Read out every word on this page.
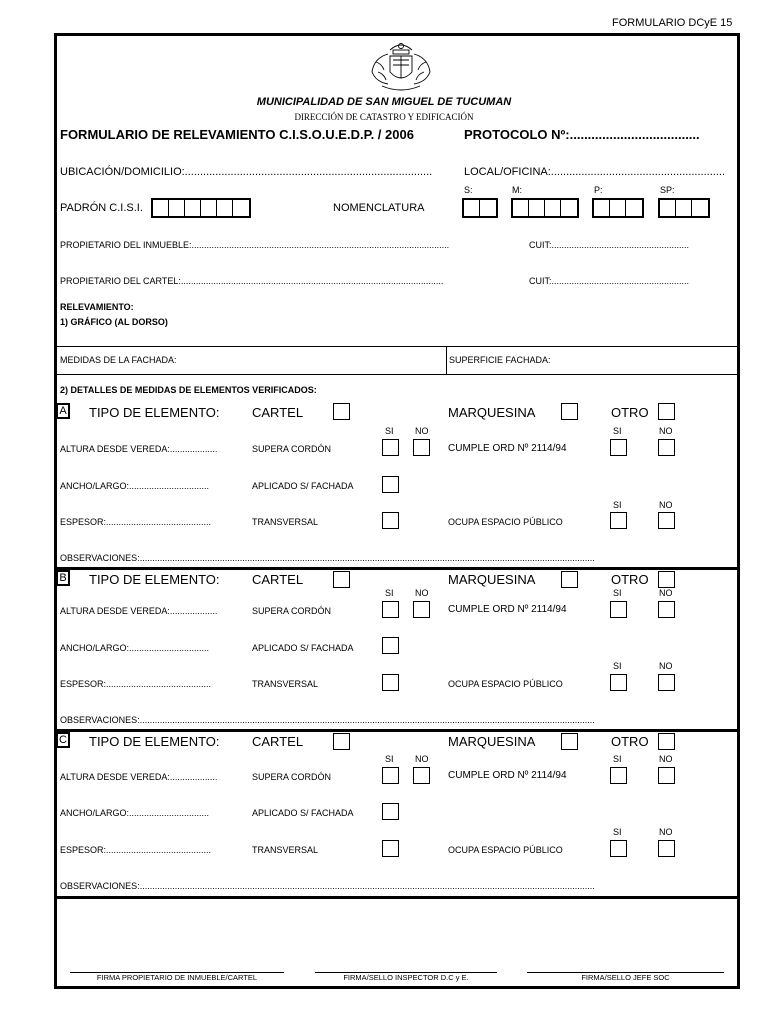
FORMULARIO DCyE 15
MUNICIPALIDAD DE SAN MIGUEL DE TUCUMAN
DIRECCIÓN DE CATASTRO Y EDIFICACIÓN
FORMULARIO DE RELEVAMIENTO C.I.S.O.U.E.D.P. / 2006	PROTOCOLO Nº:....................................
UBICACIÓN/DOMICILIO:.................................................................................	LOCAL/OFICINA:.........................................................
S:	M:	P:	SP:
PADRÓN C.I.S.I.	NOMENCLATURA
PROPIETARIO DEL INMUEBLE:.......................................................................................................	CUIT:.......................................................
PROPIETARIO DEL CARTEL:.........................................................................................................	CUIT:.......................................................
RELEVAMIENTO:
1) GRÁFICO (AL DORSO)
MEDIDAS DE LA FACHADA:	SUPERFICIE FACHADA:
2) DETALLES DE MEDIDAS DE ELEMENTOS VERIFICADOS:
A TIPO DE ELEMENTO: CARTEL	MARQUESINA	OTRO
SI NO	SI	NO
ALTURA DESDE VEREDA:...................	SUPERA CORDÓN	CUMPLE ORD Nº 2114/94
ANCHO/LARGO:................................	APLICADO S/ FACHADA
SI	NO
ESPESOR:..........................................	TRANSVERSAL	OCUPA ESPACIO PÚBLICO
OBSERVACIONES:......................................................................................................................................................................................
B TIPO DE ELEMENTO: CARTEL	MARQUESINA	OTRO
SI NO	SI	NO
ALTURA DESDE VEREDA:...................	SUPERA CORDÓN	CUMPLE ORD Nº 2114/94
ANCHO/LARGO:................................	APLICADO S/ FACHADA
SI	NO
ESPESOR:..........................................	TRANSVERSAL	OCUPA ESPACIO PÚBLICO
OBSERVACIONES:......................................................................................................................................................................................
C TIPO DE ELEMENTO: CARTEL	MARQUESINA	OTRO
SI NO	SI	NO
ALTURA DESDE VEREDA:...................	SUPERA CORDÓN	CUMPLE ORD Nº 2114/94
ANCHO/LARGO:................................	APLICADO S/ FACHADA
SI	NO
ESPESOR:..........................................	TRANSVERSAL	OCUPA ESPACIO PÚBLICO
OBSERVACIONES:......................................................................................................................................................................................
FIRMA PROPIETARIO DE INMUEBLE/CARTEL	FIRMA/SELLO INSPECTOR D.C y E.	FIRMA/SELLO JEFE SOC
